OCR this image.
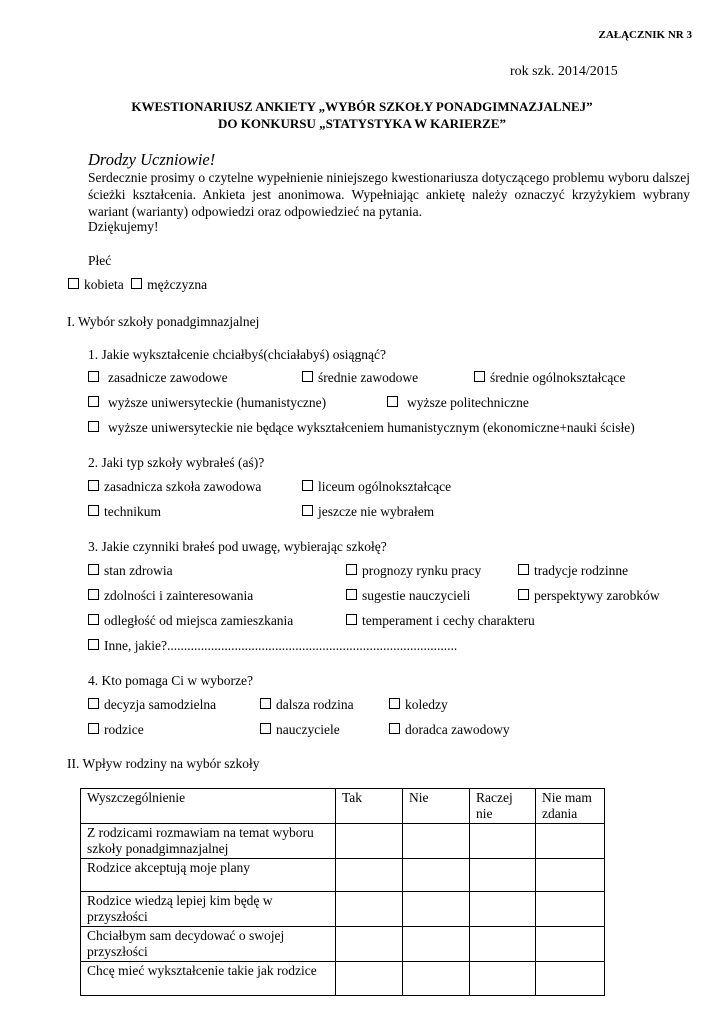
ZAŁĄCZNIK NR 3
rok szk. 2014/2015
KWESTIONARIUSZ ANKIETY „WYBÓR SZKOŁY PONADGIMNAZJALNEJ”
DO KONKURSU „STATYSTYKA W KARIERZE”
Drodzy Uczniowie!
Serdecznie prosimy o czytelne wypełnienie niniejszego kwestionariusza dotyczącego problemu wyboru dalszej ścieżki kształcenia. Ankieta jest anonimowa. Wypełniając ankietę należy oznaczyć krzyżykiem wybrany wariant (warianty) odpowiedzi oraz odpowiedzieć na pytania.
Dziękujemy!
Płeć
kobieta mężczyzna
I. Wybór szkoły ponadgimnazjalnej
1. Jakie wykształcenie chciałbyś(chciałabyś) osiągnąć?
zasadnicze zawodowe	średnie zawodowe	średnie ogólnokształcące
wyższe uniwersyteckie (humanistyczne)	wyższe politechniczne
wyższe uniwersyteckie nie będące wykształceniem humanistycznym (ekonomiczne+nauki ścisłe)
2. Jaki typ szkoły wybrałeś (aś)?
zasadnicza szkoła zawodowa	liceum ogólnokształcące
technikum	jeszcze nie wybrałem
3. Jakie czynniki brałeś pod uwagę, wybierając szkołę?
stan zdrowia	prognozy rynku pracy	tradycje rodzinne
zdolności i zainteresowania	sugestie nauczycieli	perspektywy zarobków
odległość od miejsca zamieszkania	temperament i cechy charakteru
Inne, jakie?......................................................................................
4. Kto pomaga Ci w wyborze?
decyzja samodzielna	dalsza rodzina	koledzy
rodzice	nauczyciele	doradca zawodowy
II. Wpływ rodziny na wybór szkoły
Wyszczególnienie	Tak	Nie	Raczej nie	Nie mam zdania
Z rodzicami rozmawiam na temat wyboru szkoły ponadgimnazjalnej				
Rodzice akceptują moje plany				
Rodzice wiedzą lepiej kim będę w przyszłości				
Chciałbym sam decydować o swojej przyszłości				
Chcę mieć wykształcenie takie jak rodzice				
